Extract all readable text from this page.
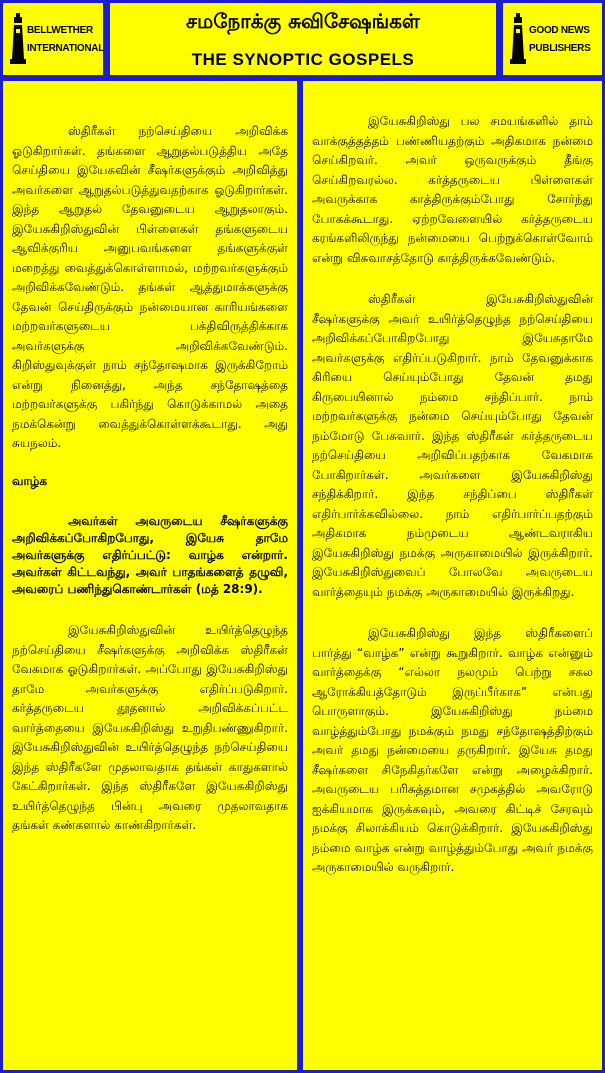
BELLWETHER
INTERNATIONAL
சமநோக்கு சுவிசேஷங்கள்
THE SYNOPTIC GOSPELS
GOOD NEWS
PUBLISHERS

ஸ்திரீகள் நற்செய்தியை அறிவிக்க ஓடுகிறார்கள். தங்களை ஆறுதல்படுத்திய அதே செய்தியை இயேசுவின் சீஷர்களுக்கும் அறிவித்து அவர்களை ஆறுதல்படுத்துவதற்காக ஓடுகிறார்கள். இந்த ஆறுதல் தேவனுடைய ஆறுதலாகும். இயேசுகிறிஸ்துவின் பிள்ளைகள் தங்களுடைய ஆவிக்குரிய அனுபவங்களை தங்களுக்குள் மறைத்து வைத்துக்கொள்ளாமல், மற்றவர்களுக்கும் அறிவிக்கவேண்டும். தங்கள் ஆத்துமாக்களுக்கு தேவன் செய்திருக்கும் நன்மையான காரியங்களை மற்றவர்களுடைய பக்திவிருத்திக்காக அவர்களுக்கு அறிவிக்கவேண்டும். கிறிஸ்துவுக்குள் நாம் சந்தோஷமாக இருக்கிறோம் என்று நினைத்து, அந்த சந்தோஷத்தை மற்றவர்களுக்கு பகிர்ந்து கொடுக்காமல் அதை நமக்கென்று வைத்துக்கொள்ளக்கூடாது. அது சுயநலம்.

வாழ்க

அவர்கள் அவருடைய சீஷர்களுக்கு அறிவிக்கப்போகிறபோது, இயேசு தாமே அவர்களுக்கு எதிர்ப்பட்டு: வாழ்க என்றார். அவர்கள் கிட்டவந்து, அவர் பாதங்களைத் தழுவி, அவரைப் பணிந்துகொண்டார்கள் (மத் 28:9).

இயேசுகிறிஸ்துவின் உயிர்த்தெழுந்த நற்செய்தியை சீஷர்களுக்கு அறிவிக்க ஸ்திரீகள் வேகமாக ஓடுகிறார்கள். அப்போது இயேசுகிறிஸ்து தாமே அவர்களுக்கு எதிர்ப்படுகிறார். கர்த்தருடைய தூதனால் அறிவிக்கப்பட்ட வார்த்தையை இயேசுகிறிஸ்து உறுதிபண்ணுகிறார். இயேசுகிறிஸ்துவின் உயிர்த்தெழுந்த நற்செய்தியை இந்த ஸ்திரீகளே முதலாவதாக தங்கள் காதுகளால் கேட்கிறார்கள். இந்த ஸ்திரீகளே இயேசுகிறிஸ்து உயிர்த்தெழுந்த பின்பு அவரை முதலாவதாக தங்கள் கண்களால் காண்கிறார்கள்.

இயேசுகிறிஸ்து பல சமயங்களில் தாம் வாக்குத்தத்தம் பண்ணியதற்கும் அதிகமாக நன்மை செய்கிறவர். அவர் ஒருவருக்கும் தீங்கு செய்கிறவரல்ல. கர்த்தருடைய பிள்ளைகள் அவருக்காக காத்திருக்கும்போது சோர்ந்து போகக்கூடாது. ஏற்றவேளையில் கர்த்தருடைய கரங்களிலிருந்து நன்மையை பெற்றுக்கொள்வோம் என்று விசுவாசத்தோடு காத்திருக்கவேண்டும்.

ஸ்திரீகள் இயேசுகிறிஸ்துவின் சீஷர்களுக்கு அவர் உயிர்த்தெழுந்த நற்செய்தியை அறிவிக்கப்போகிறபோது இயேசுதாமே அவர்களுக்கு எதிர்ப்படுகிறார். நாம் தேவனுக்காக கிரியை செய்யும்போது தேவன் தமது கிருபையினால் நம்மை சந்திப்பார். நாம் மற்றவர்களுக்கு நன்மை செய்யும்போது தேவன் நம்மோடு பேசுவார். இந்த ஸ்திரீகள் கர்த்தருடைய நற்செய்தியை அறிவிப்பதற்காக வேகமாக போகிறார்கள். அவர்களை இயேசுகிறிஸ்து சந்திக்கிறார். இந்த சந்திப்பை ஸ்திரீகள் எதிர்பார்க்கவில்லை. நாம் எதிர்பார்ப்பதற்கும் அதிகமாக நம்முடைய ஆண்டவராகிய இயேசுகிறிஸ்து நமக்கு அருகாமையில் இருக்கிறார். இயேசுகிறிஸ்துவைப் போலவே அவருடைய வார்த்தையும் நமக்கு அருகாமையில் இருக்கிறது.

இயேசுகிறிஸ்து இந்த ஸ்திரீகளைப் பார்த்து “வாழ்க” என்று கூறுகிறார். வாழ்க என்னும் வார்த்தைக்கு “எல்லா நலமும் பெற்று சகல ஆரோக்கியத்தோடும் இருப்பீர்காக” என்பது பொருளாகும். இயேசுகிறிஸ்து நம்மை வாழ்த்தும்போது நமக்கும் நமது சந்தோஷத்திற்கும் அவர் தமது நன்மையை தருகிறார். இயேசு தமது சீஷர்களை சிநேகிதர்களே என்று அழைக்கிறார். அவருடைய பரிசுத்தமான சமுகத்தில் அவரோடு ஐக்கியமாக இருக்கவும், அவரை கிட்டிச் சேரவும் நமக்கு சிலாக்கியம் கொடுக்கிறார். இயேசுகிறிஸ்து நம்மை வாழ்க என்று வாழ்த்தும்போது அவர் நமக்கு அருகாமையில் வருகிறார்.
